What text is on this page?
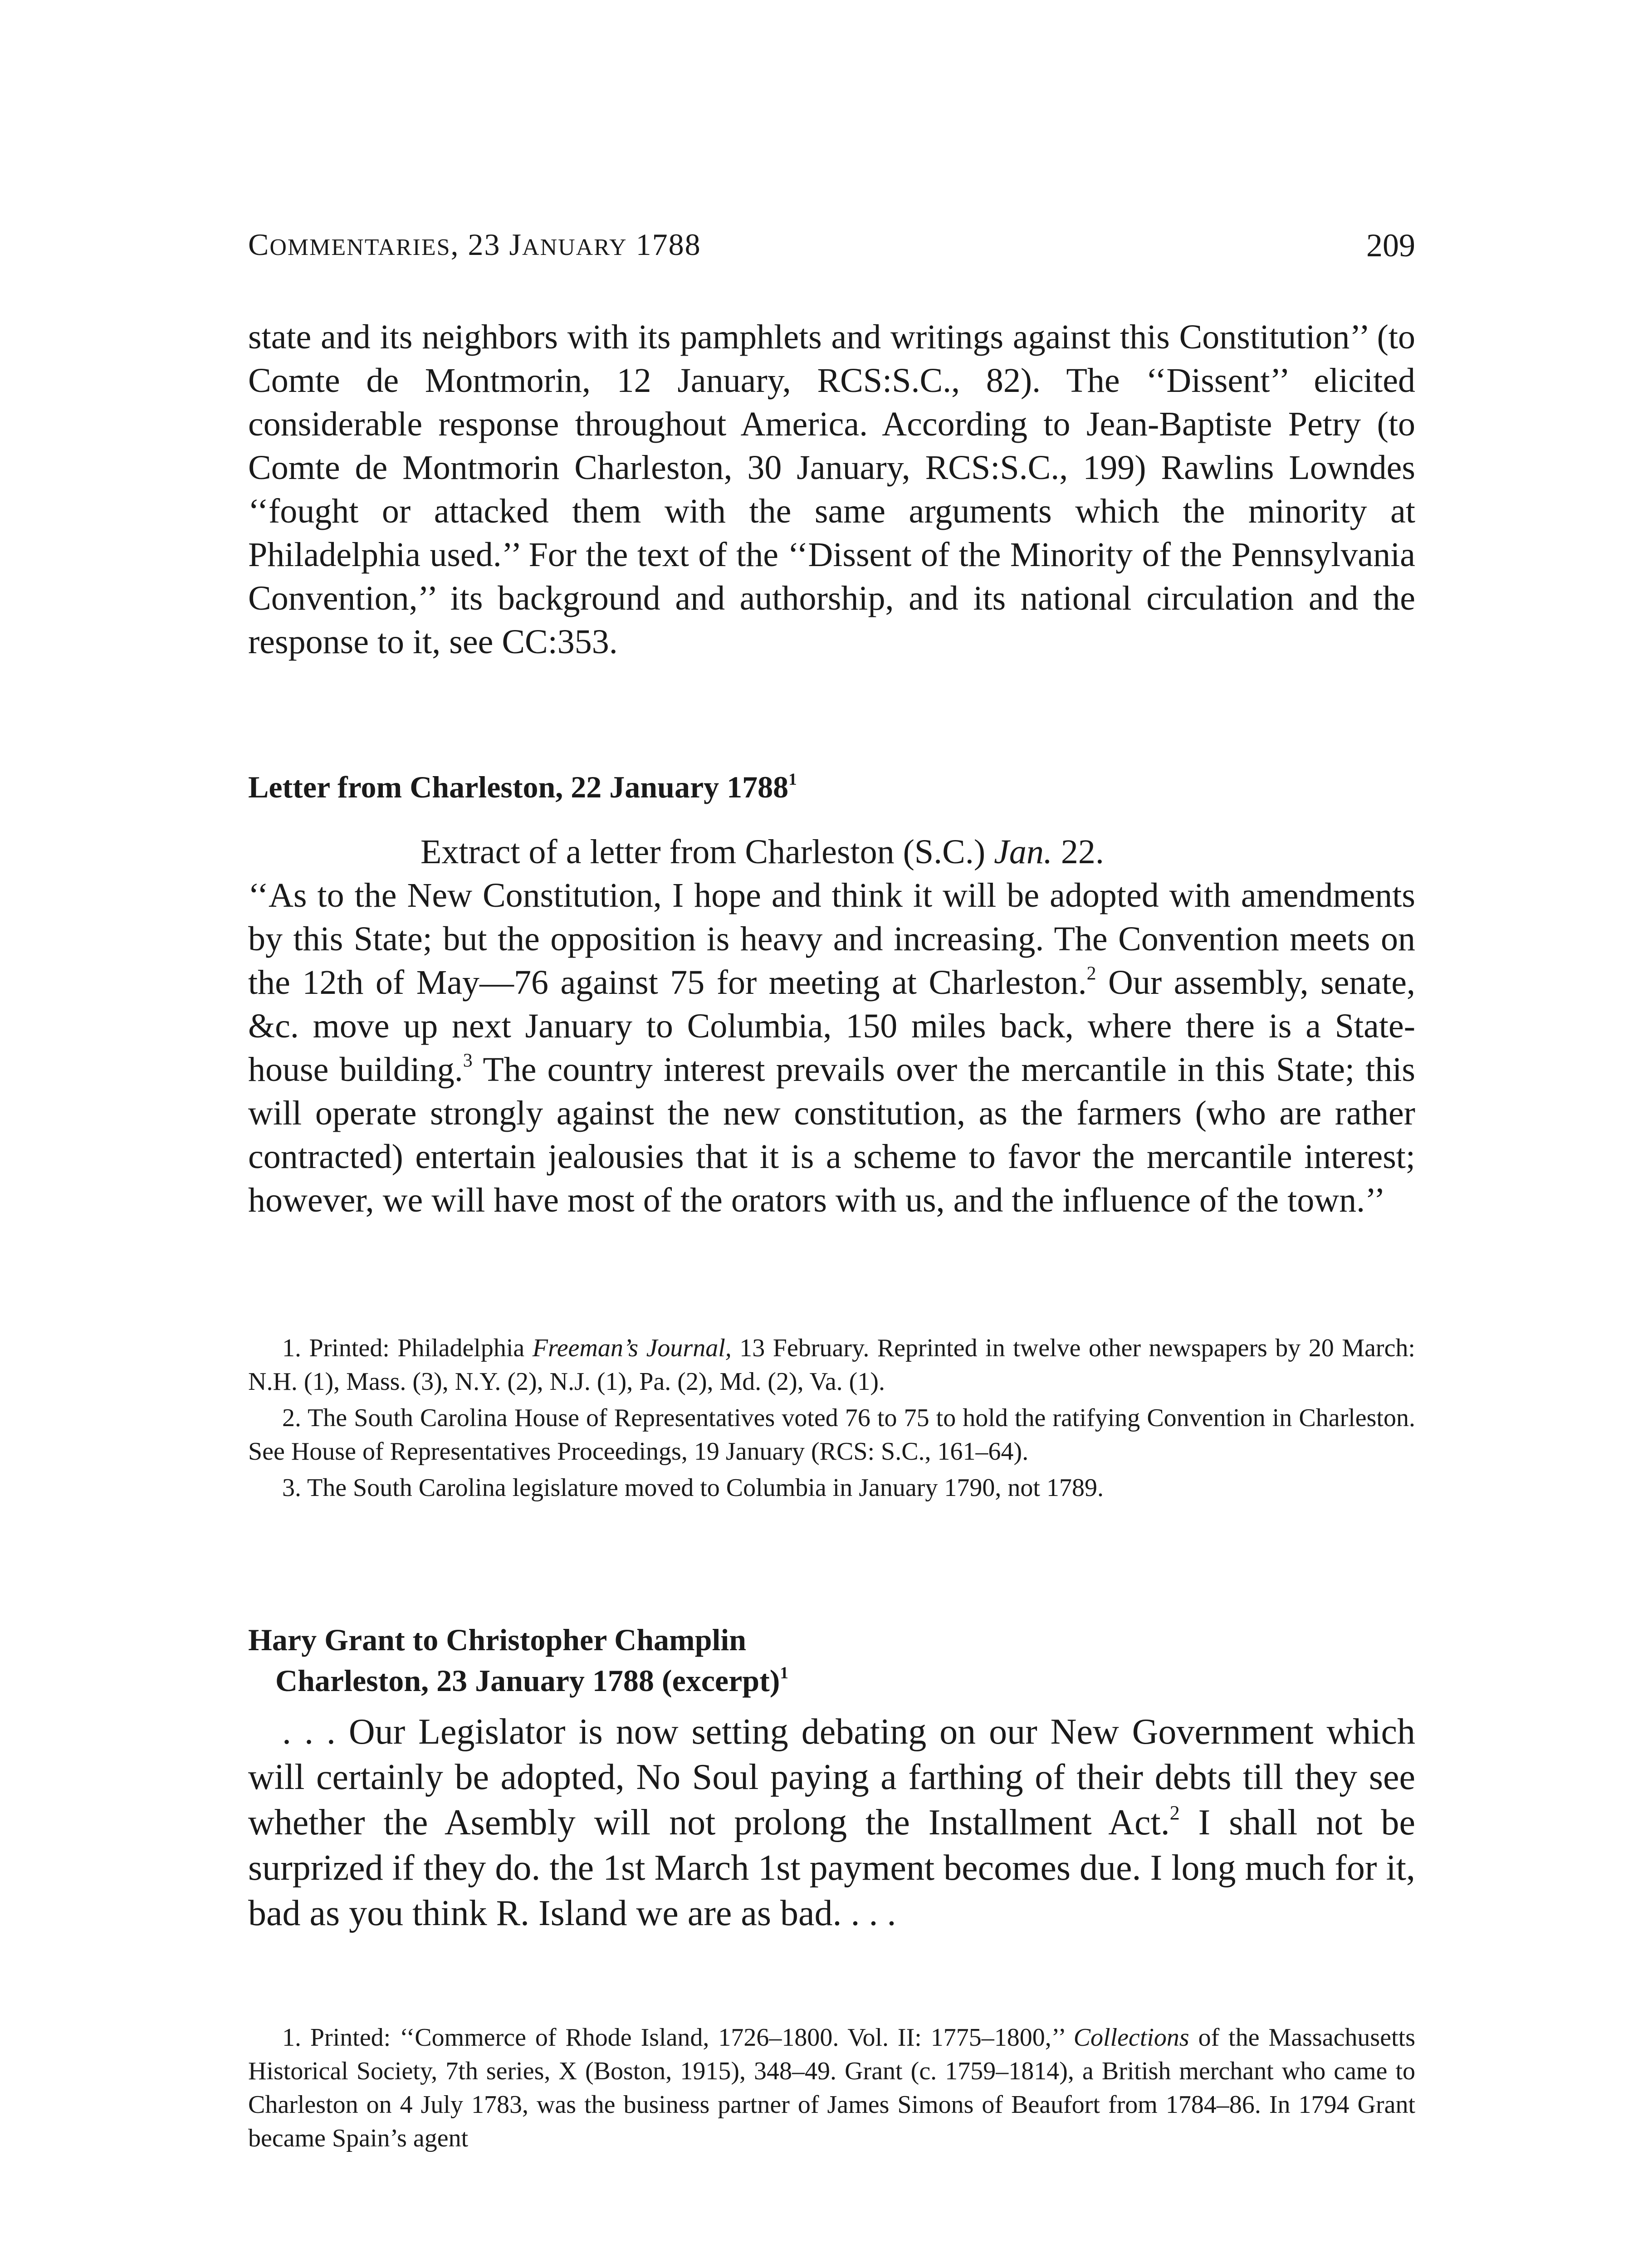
COMMENTARIES, 23 JANUARY 1788	209

state and its neighbors with its pamphlets and writings against this Constitution’’ (to Comte de Montmorin, 12 January, RCS:S.C., 82). The ‘‘Dissent’’ elicited considerable response throughout America. According to Jean-Baptiste Petry (to Comte de Montmorin Charleston, 30 January, RCS:S.C., 199) Rawlins Lowndes ‘‘fought or attacked them with the same arguments which the minority at Philadelphia used.’’ For the text of the ‘‘Dissent of the Minority of the Pennsylvania Convention,’’ its background and authorship, and its national circulation and the response to it, see CC:353.

Letter from Charleston, 22 January 1788$^1$

Extract of a letter from Charleston (S.C.) Jan. 22.

‘‘As to the New Constitution, I hope and think it will be adopted with amendments by this State; but the opposition is heavy and increasing. The Convention meets on the 12th of May—76 against 75 for meeting at Charleston.$^2$ Our assembly, senate, &c. move up next January to Columbia, 150 miles back, where there is a State-house building.$^3$ The country interest prevails over the mercantile in this State; this will operate strongly against the new constitution, as the farmers (who are rather contracted) entertain jealousies that it is a scheme to favor the mercantile interest; however, we will have most of the orators with us, and the influence of the town.’’

1. Printed: Philadelphia Freeman’s Journal, 13 February. Reprinted in twelve other newspapers by 20 March: N.H. (1), Mass. (3), N.Y. (2), N.J. (1), Pa. (2), Md. (2), Va. (1).

2. The South Carolina House of Representatives voted 76 to 75 to hold the ratifying Convention in Charleston. See House of Representatives Proceedings, 19 January (RCS: S.C., 161–64).

3. The South Carolina legislature moved to Columbia in January 1790, not 1789.

Hary Grant to Christopher Champlin
Charleston, 23 January 1788 (excerpt)$^1$

. . . Our Legislator is now setting debating on our New Government which will certainly be adopted, No Soul paying a farthing of their debts till they see whether the Asembly will not prolong the Installment Act.$^2$ I shall not be surprized if they do. the 1st March 1st payment becomes due. I long much for it, bad as you think R. Island we are as bad. . . .

1. Printed: ‘‘Commerce of Rhode Island, 1726–1800. Vol. II: 1775–1800,’’ Collections of the Massachusetts Historical Society, 7th series, X (Boston, 1915), 348–49. Grant (c. 1759–1814), a British merchant who came to Charleston on 4 July 1783, was the business partner of James Simons of Beaufort from 1784–86. In 1794 Grant became Spain’s agent
